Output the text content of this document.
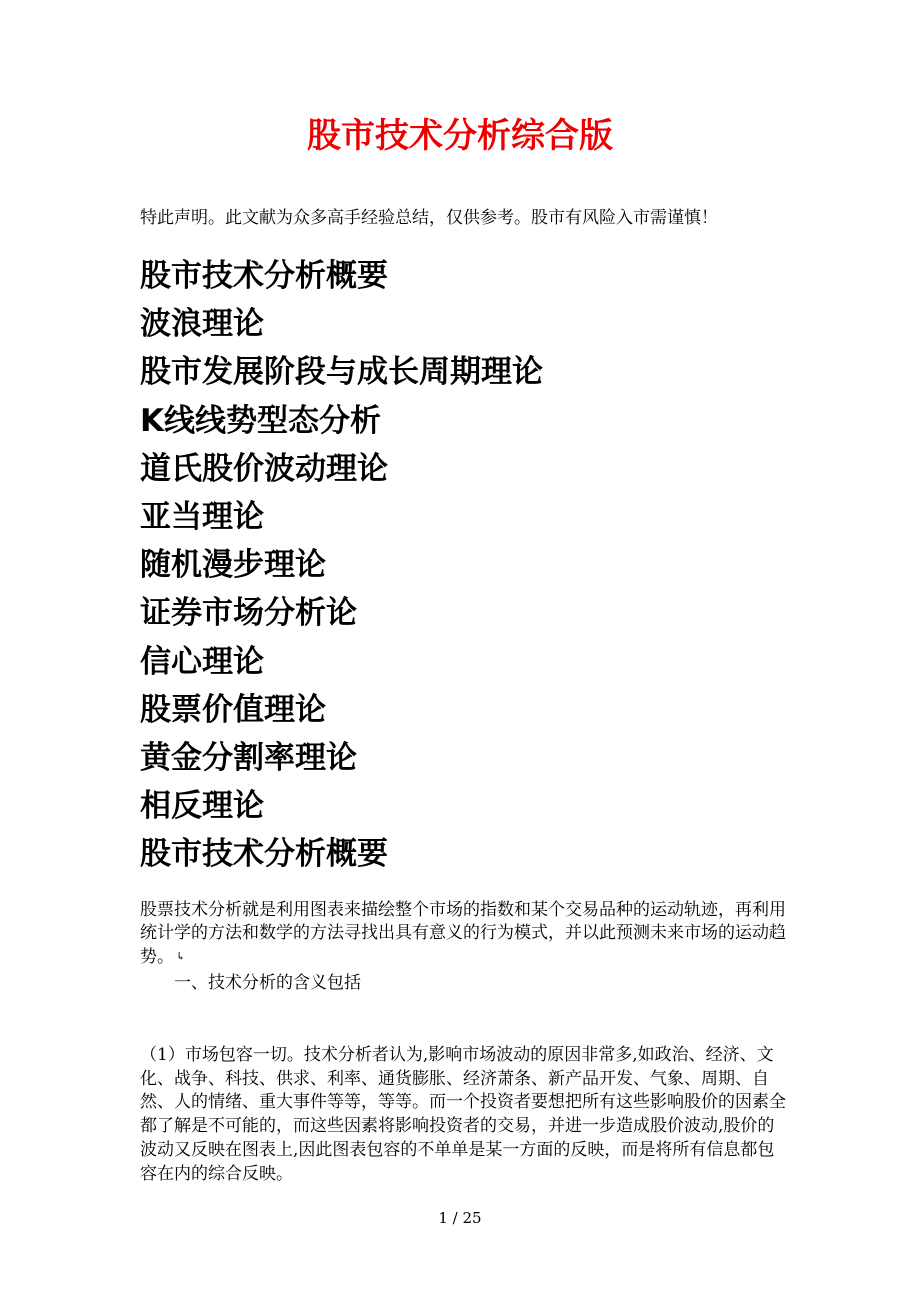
股市技术分析综合版

特此声明。此文献为众多高手经验总结，仅供参考。股市有风险入市需谨慎！

股市技术分析概要
波浪理论
股市发展阶段与成长周期理论
K线线势型态分析
道氏股价波动理论
亚当理论
随机漫步理论
证券市场分析论
信心理论
股票价值理论
黄金分割率理论
相反理论
股市技术分析概要

股票技术分析就是利用图表来描绘整个市场的指数和某个交易品种的运动轨迹，再利用统计学的方法和数学的方法寻找出具有意义的行为模式，并以此预测未来市场的运动趋势。 ↳

一、技术分析的含义包括

（1）市场包容一切。技术分析者认为,影响市场波动的原因非常多,如政治、经济、文化、战争、科技、供求、利率、通货膨胀、经济萧条、新产品开发、气象、周期、自然、人的情绪、重大事件等等，等等。而一个投资者要想把所有这些影响股价的因素全都了解是不可能的，而这些因素将影响投资者的交易，并进一步造成股价波动,股价的波动又反映在图表上,因此图表包容的不单单是某一方面的反映，而是将所有信息都包容在内的综合反映。

1 / 25
